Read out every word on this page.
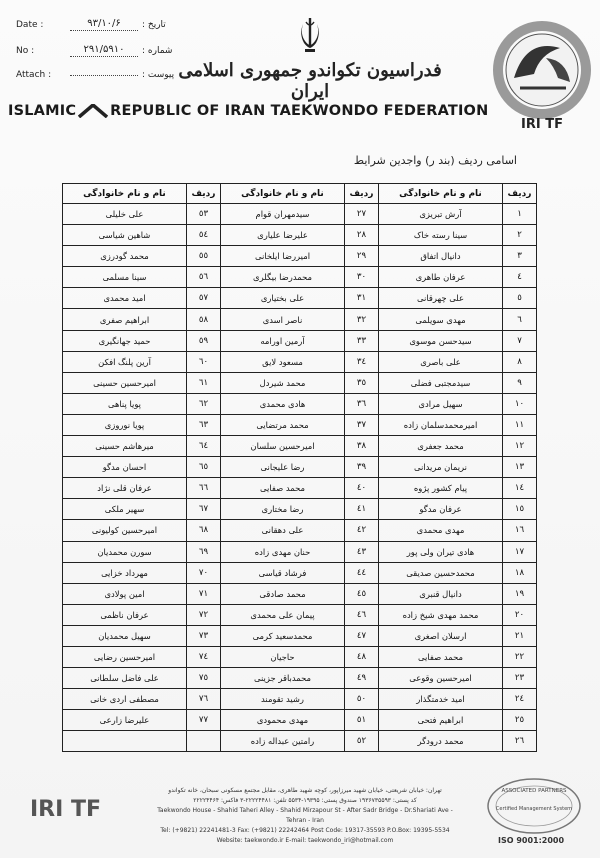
Date :	۹۳/۱۰/۶	تاریخ :
No :	۲۹۱/۵۹۱۰	شماره :
Attach :	پیوست : فدراسیون تکواندو جمهوری اسلامی ایران
ISLAMIC REPUBLIC OF IRAN TAEKWONDO FEDERATION
IRI TF
اسامی ردیف (بند ر) واجدین شرایط
ردیف	نام و نام خانوادگی	ردیف	نام و نام خانوادگی	ردیف	نام و نام خانوادگی
۱	آرش تبریزی	۲۷	سیدمهران قوام	٥۳	علی خلیلی
۲	سینا رسته خاک	۲۸	علیرضا علیاری	٥٤	شاهین شیاسی
۳	دانیال اتفاق	۲۹	امیررضا ایلخانی	٥٥	محمد گودرزی
٤	عرفان طاهری	۳۰	محمدرضا بیگلری	٥٦	سینا مسلمی
٥	علی چهرقانی	۳۱	علی بختیاری	٥۷	امید محمدی
٦	مهدی سویلمی	۳۲	ناصر اسدی	٥۸	ابراهیم صفری
۷	سیدحسن موسوی	۳۳	آرمین اورامه	٥۹	حمید جهانگیری
۸	علی باصری	۳٤	مسعود لایق	٦۰	آرین پلنگ افکن
۹	سیدمجتبی فضلی	۳٥	محمد شیردل	٦۱	امیرحسین حسینی
۱۰	سهیل مرادی	۳٦	هادی محمدی	٦۲	پویا پناهی
۱۱	امیرمحمدسلمان زاده	۳۷	محمد مرتضایی	٦۳	پویا نوروزی
۱۲	محمد جعفری	۳۸	امیرحسین سلسان	٦٤	میرهاشم حسینی
۱۳	نریمان مریدانی	۳۹	رضا علیجانی	٦٥	احسان مدگو
۱٤	پیام کشور پژوه	٤۰	محمد صفایی	٦٦	عرفان قلی نژاد
۱٥	عرفان مدگو	٤۱	رضا مختاری	٦۷	سهیر ملکی
۱٦	مهدی محمدی	٤۲	علی دهقانی	٦۸	امیرحسین کولیونی
۱۷	هادی تیران ولی پور	٤۳	حنان مهدی زاده	٦۹	سورن محمدیان
۱۸	محمدحسین صدیقی	٤٤	فرشاد قیاسی	۷۰	مهرداد خزایی
۱۹	دانیال قنبری	٤٥	محمد صادقی	۷۱	امین پولادی
۲۰	محمد مهدی شیخ زاده	٤٦	پیمان علی محمدی	۷۲	عرفان ناظمی
۲۱	ارسلان اصغری	٤۷	محمدسعید کرمی	۷۳	سهیل محمدیان
۲۲	محمد صفایی	٤۸	حاجیان	۷٤	امیرحسین رضایی
۲۳	امیرحسین وقوعی	٤۹	محمدباقر جزینی	۷٥	علی فاضل سلطانی
۲٤	امید خدمتگذار	٥۰	رشید تقومند	۷٦	مصطفی اردی خانی
۲٥	ابراهیم فتحی	٥۱	مهدی محمودی	۷۷	علیرضا زارعی
۲٦	محمد درودگر	٥۲	رامتین عبداله زاده		
IRI TF
تهران: خیابان شریعتی، خیابان شهید میرزاپور، کوچه شهید طاهری، مقابل مجتمع مسکونی سبحان، خانه تکواندو
کد پستی: ۱۹۳۶۷۳۵۵۹۳ صندوق پستی: ۱۹۳۹۵-۵۵۳۴ تلفن: ۲۲۲۲۴۴۸۱-۳ فاکس: ۲۲۲۲۴۴۶۴
Taekwondo House - Shahid Taheri Alley - Shahid Mirzapour St - After Sadr Bridge - Dr.Shariati Ave - Tehran - Iran
Tel: (+9821) 22241481-3 Fax: (+9821) 22242464 Post Code: 19317-35593 P.O.Box: 19395-5534
Website: taekwondo.ir E-mail: taekwondo_iri@hotmail.com
ASSOCIATED PARTNERS
Certified Management System
ISO 9001:2000
